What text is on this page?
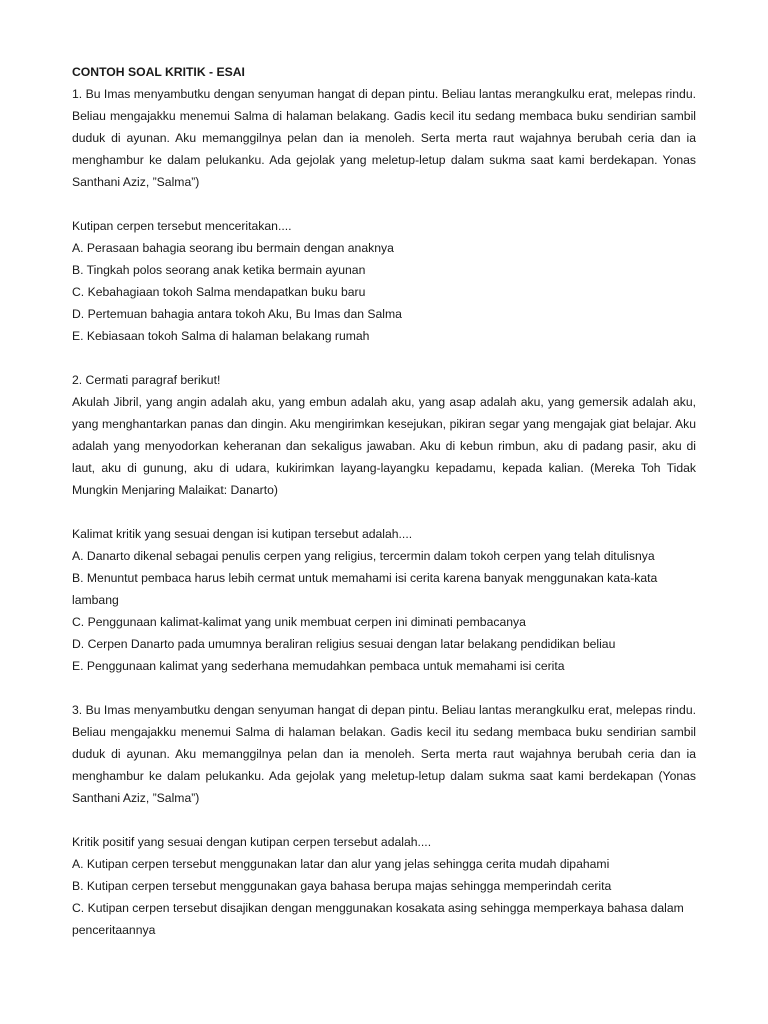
CONTOH SOAL KRITIK - ESAI

1. Bu Imas menyambutku dengan senyuman hangat di depan pintu. Beliau lantas merangkulku erat, melepas rindu. Beliau mengajakku menemui Salma di halaman belakang. Gadis kecil itu sedang membaca buku sendirian sambil duduk di ayunan. Aku memanggilnya pelan dan ia menoleh. Serta merta raut wajahnya berubah ceria dan ia menghambur ke dalam pelukanku. Ada gejolak yang meletup-letup dalam sukma saat kami berdekapan. Yonas Santhani Aziz, ”Salma”)

Kutipan cerpen tersebut menceritakan....

A. Perasaan bahagia seorang ibu bermain dengan anaknya

B. Tingkah polos seorang anak ketika bermain ayunan

C. Kebahagiaan tokoh Salma mendapatkan buku baru

D. Pertemuan bahagia antara tokoh Aku, Bu Imas dan Salma

E. Kebiasaan tokoh Salma di halaman belakang rumah

2. Cermati paragraf berikut!

Akulah Jibril, yang angin adalah aku, yang embun adalah aku, yang asap adalah aku, yang gemersik adalah aku, yang menghantarkan panas dan dingin. Aku mengirimkan kesejukan, pikiran segar yang mengajak giat belajar. Aku adalah yang menyodorkan keheranan dan sekaligus jawaban. Aku di kebun rimbun, aku di padang pasir, aku di laut, aku di gunung, aku di udara, kukirimkan layang-layangku kepadamu, kepada kalian. (Mereka Toh Tidak Mungkin Menjaring Malaikat: Danarto)

Kalimat kritik yang sesuai dengan isi kutipan tersebut adalah....

A. Danarto dikenal sebagai penulis cerpen yang religius, tercermin dalam tokoh cerpen yang telah ditulisnya

B. Menuntut pembaca harus lebih cermat untuk memahami isi cerita karena banyak menggunakan kata-kata lambang

C. Penggunaan kalimat-kalimat yang unik membuat cerpen ini diminati pembacanya

D. Cerpen Danarto pada umumnya beraliran religius sesuai dengan latar belakang pendidikan beliau

E. Penggunaan kalimat yang sederhana memudahkan pembaca untuk memahami isi cerita

3. Bu Imas menyambutku dengan senyuman hangat di depan pintu. Beliau lantas merangkulku erat, melepas rindu. Beliau mengajakku menemui Salma di halaman belakan. Gadis kecil itu sedang membaca buku sendirian sambil duduk di ayunan. Aku memanggilnya pelan dan ia menoleh. Serta merta raut wajahnya berubah ceria dan ia menghambur ke dalam pelukanku. Ada gejolak yang meletup-letup dalam sukma saat kami berdekapan (Yonas Santhani Aziz, ”Salma”)

Kritik positif yang sesuai dengan kutipan cerpen tersebut adalah....

A. Kutipan cerpen tersebut menggunakan latar dan alur yang jelas sehingga cerita mudah dipahami

B. Kutipan cerpen tersebut menggunakan gaya bahasa berupa majas sehingga memperindah cerita

C. Kutipan cerpen tersebut disajikan dengan menggunakan kosakata asing sehingga memperkaya bahasa dalam penceritaannya
